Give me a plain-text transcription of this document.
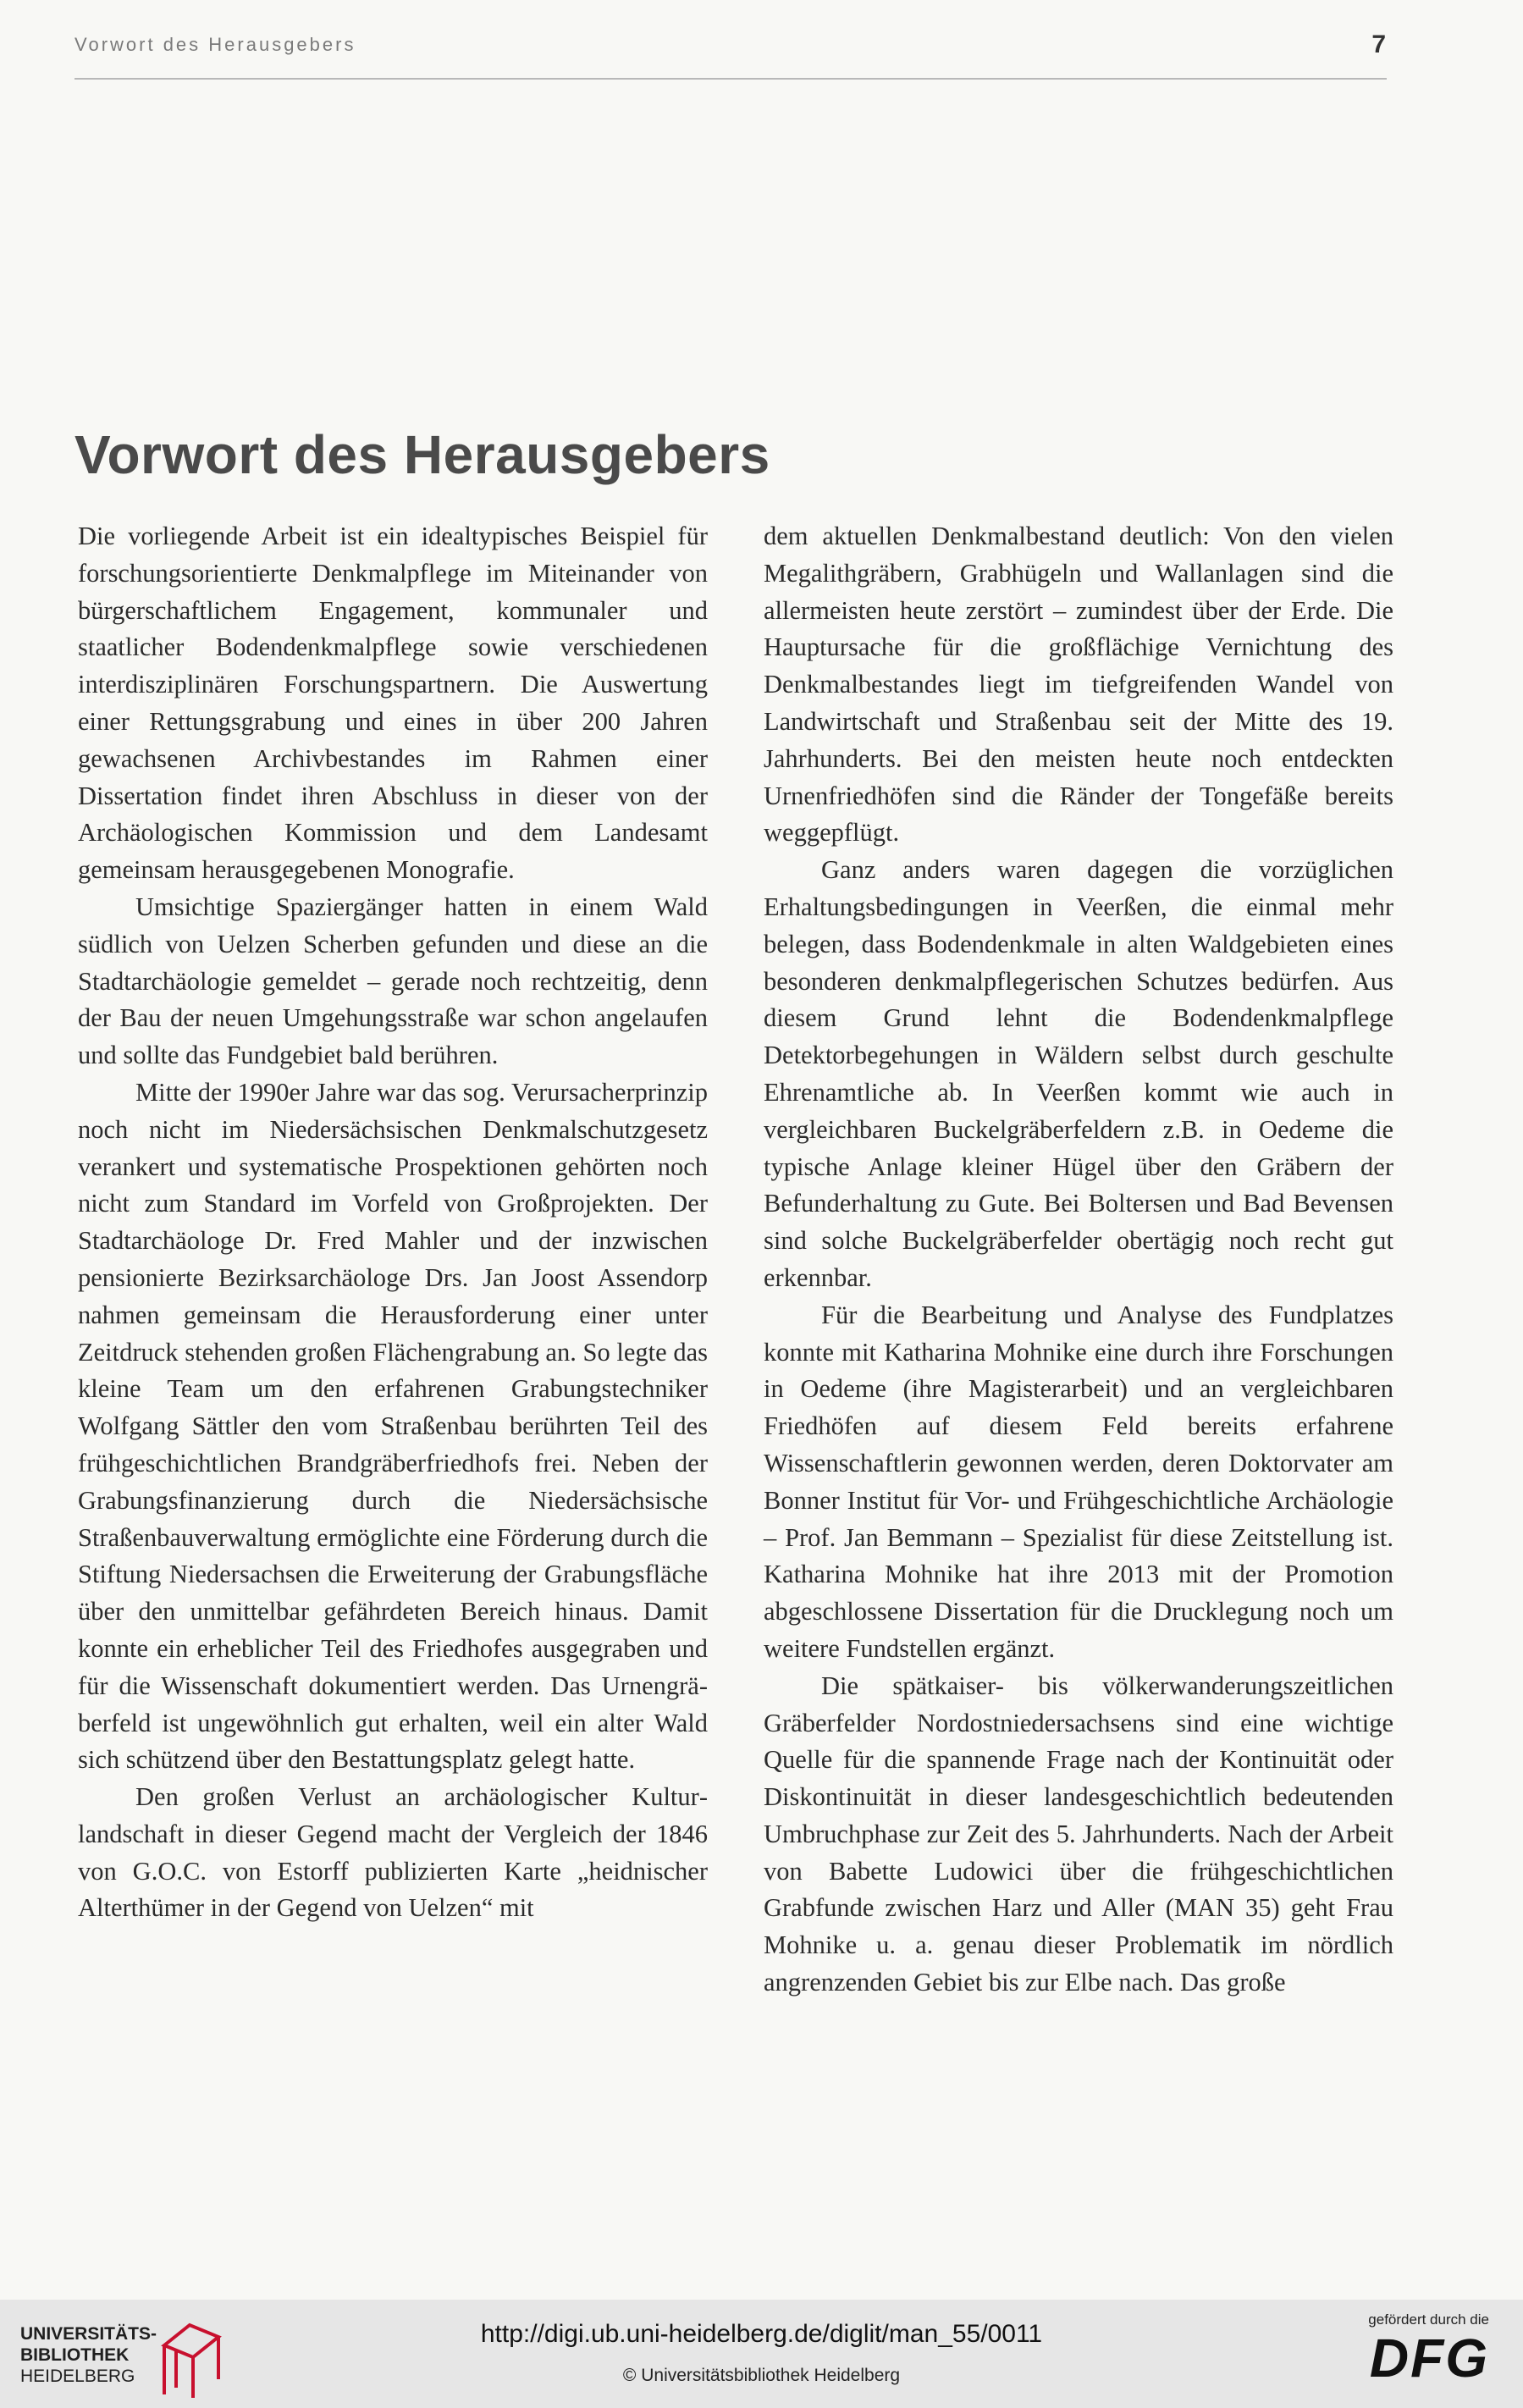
Vorwort des Herausgebers	7
Vorwort des Herausgebers

Die vorliegende Arbeit ist ein idealtypisches Beispiel für forschungsorientierte Denkmalpflege im Miteinander von bürgerschaftlichem Engagement, kommunaler und staatlicher Bodendenkmalpflege sowie verschiedenen interdisziplinären Forschungspartnern. Die Auswertung einer Rettungsgrabung und eines in über 200 Jahren gewachsenen Archivbestandes im Rahmen einer Dissertation findet ihren Abschluss in dieser von der Archäologischen Kommission und dem Landesamt gemeinsam herausgegebenen Monografie.

Umsichtige Spaziergänger hatten in einem Wald südlich von Uelzen Scherben gefunden und diese an die Stadtarchäologie gemeldet – gerade noch rechtzeitig, denn der Bau der neuen Umgehungsstraße war schon angelaufen und sollte das Fundgebiet bald berühren.

Mitte der 1990er Jahre war das sog. Verursacherprinzip noch nicht im Niedersächsischen Denkmalschutzgesetz verankert und systematische Prospektionen gehörten noch nicht zum Standard im Vorfeld von Großprojekten. Der Stadtarchäologe Dr. Fred Mahler und der inzwischen pensionierte Bezirksarchäologe Drs. Jan Joost Assendorp nahmen gemeinsam die Herausforderung einer unter Zeitdruck stehenden großen Flächengrabung an. So legte das kleine Team um den erfahrenen Grabungstechniker Wolfgang Sättler den vom Straßenbau berührten Teil des frühgeschichtlichen Brandgräberfriedhofs frei. Neben der Grabungsfinanzierung durch die Niedersächsische Straßenbauverwaltung ermöglichte eine Förderung durch die Stiftung Niedersachsen die Erweiterung der Grabungsfläche über den unmittelbar gefährdeten Bereich hinaus. Damit konnte ein erheblicher Teil des Friedhofes ausgegraben und für die Wissenschaft dokumentiert werden. Das Urnengräberfeld ist ungewöhnlich gut erhalten, weil ein alter Wald sich schützend über den Bestattungsplatz gelegt hatte.

Den großen Verlust an archäologischer Kulturlandschaft in dieser Gegend macht der Vergleich der 1846 von G.O.C. von Estorff publizierten Karte „heidnischer Alterthümer in der Gegend von Uelzen“ mit

dem aktuellen Denkmalbestand deutlich: Von den vielen Megalithgräbern, Grabhügeln und Wallanlagen sind die allermeisten heute zerstört – zumindest über der Erde. Die Hauptursache für die großflächige Vernichtung des Denkmalbestandes liegt im tiefgreifenden Wandel von Landwirtschaft und Straßenbau seit der Mitte des 19. Jahrhunderts. Bei den meisten heute noch entdeckten Urnenfriedhöfen sind die Ränder der Tongefäße bereits weggepflügt.

Ganz anders waren dagegen die vorzüglichen Erhaltungsbedingungen in Veerßen, die einmal mehr belegen, dass Bodendenkmale in alten Waldgebieten eines besonderen denkmalpflegerischen Schutzes bedürfen. Aus diesem Grund lehnt die Bodendenkmalpflege Detektorbegehungen in Wäldern selbst durch geschulte Ehrenamtliche ab. In Veerßen kommt wie auch in vergleichbaren Buckelgräberfeldern z.B. in Oedeme die typische Anlage kleiner Hügel über den Gräbern der Befunderhaltung zu Gute. Bei Boltersen und Bad Bevensen sind solche Buckelgräberfelder obertägig noch recht gut erkennbar.

Für die Bearbeitung und Analyse des Fundplatzes konnte mit Katharina Mohnike eine durch ihre Forschungen in Oedeme (ihre Magisterarbeit) und an vergleichbaren Friedhöfen auf diesem Feld bereits erfahrene Wissenschaftlerin gewonnen werden, deren Doktorvater am Bonner Institut für Vor- und Frühgeschichtliche Archäologie – Prof. Jan Bemmann – Spezialist für diese Zeitstellung ist. Katharina Mohnike hat ihre 2013 mit der Promotion abgeschlossene Dissertation für die Drucklegung noch um weitere Fundstellen ergänzt.

Die spätkaiser- bis völkerwanderungszeitlichen Gräberfelder Nordostniedersachsens sind eine wichtige Quelle für die spannende Frage nach der Kontinuität oder Diskontinuität in dieser landesgeschichtlich bedeutenden Umbruchphase zur Zeit des 5. Jahrhunderts. Nach der Arbeit von Babette Ludowici über die frühgeschichtlichen Grabfunde zwischen Harz und Aller (MAN 35) geht Frau Mohnike u. a. genau dieser Problematik im nördlich angrenzenden Gebiet bis zur Elbe nach. Das große

UNIVERSITÄTS-
BIBLIOTHEK
HEIDELBERG
http://digi.ub.uni-heidelberg.de/diglit/man_55/0011
© Universitätsbibliothek Heidelberg
gefördert durch die
DFG
